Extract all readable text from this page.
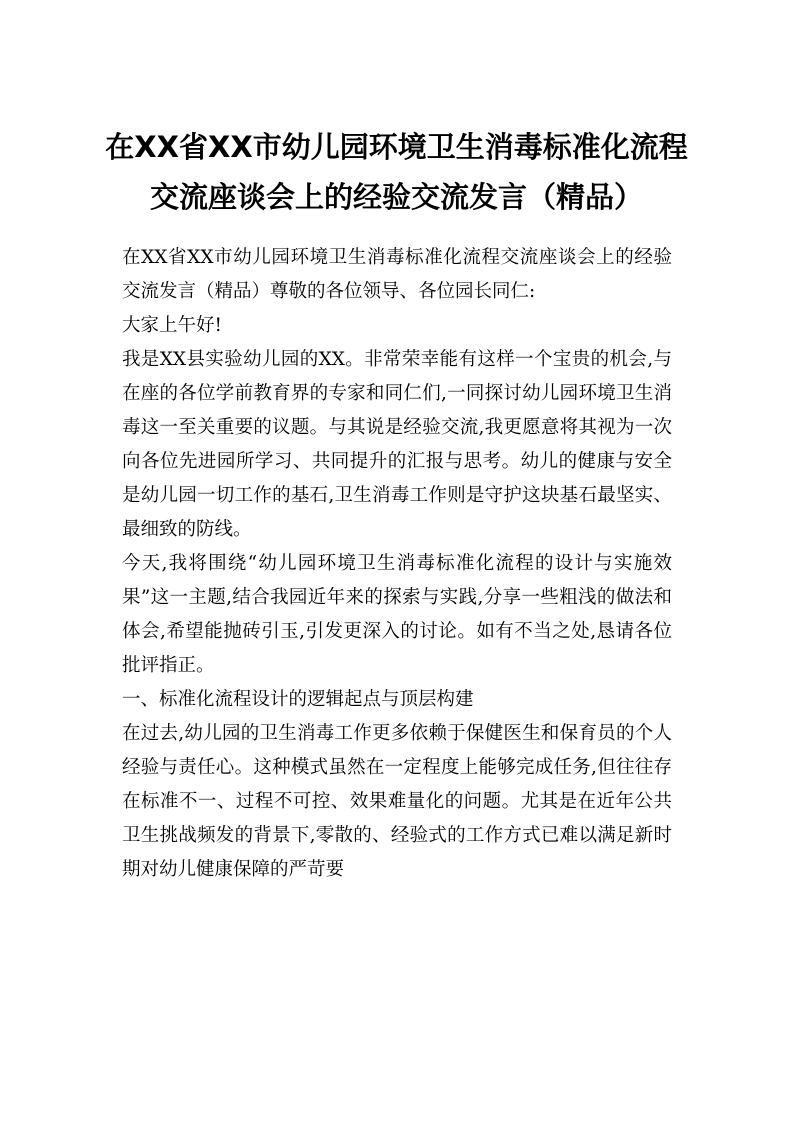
在XX省XX市幼儿园环境卫生消毒标准化流程交流座谈会上的经验交流发言（精品）

在XX省XX市幼儿园环境卫生消毒标准化流程交流座谈会上的经验交流发言（精品）尊敬的各位领导、各位园长同仁:

大家上午好!

我是XX县实验幼儿园的XX。非常荣幸能有这样一个宝贵的机会,与在座的各位学前教育界的专家和同仁们,一同探讨幼儿园环境卫生消毒这一至关重要的议题。与其说是经验交流,我更愿意将其视为一次向各位先进园所学习、共同提升的汇报与思考。幼儿的健康与安全是幼儿园一切工作的基石,卫生消毒工作则是守护这块基石最坚实、最细致的防线。

今天,我将围绕“幼儿园环境卫生消毒标准化流程的设计与实施效果”这一主题,结合我园近年来的探索与实践,分享一些粗浅的做法和体会,希望能抛砖引玉,引发更深入的讨论。如有不当之处,恳请各位批评指正。

一、标准化流程设计的逻辑起点与顶层构建

在过去,幼儿园的卫生消毒工作更多依赖于保健医生和保育员的个人经验与责任心。这种模式虽然在一定程度上能够完成任务,但往往存在标准不一、过程不可控、效果难量化的问题。尤其是在近年公共卫生挑战频发的背景下,零散的、经验式的工作方式已难以满足新时期对幼儿健康保障的严苛要
